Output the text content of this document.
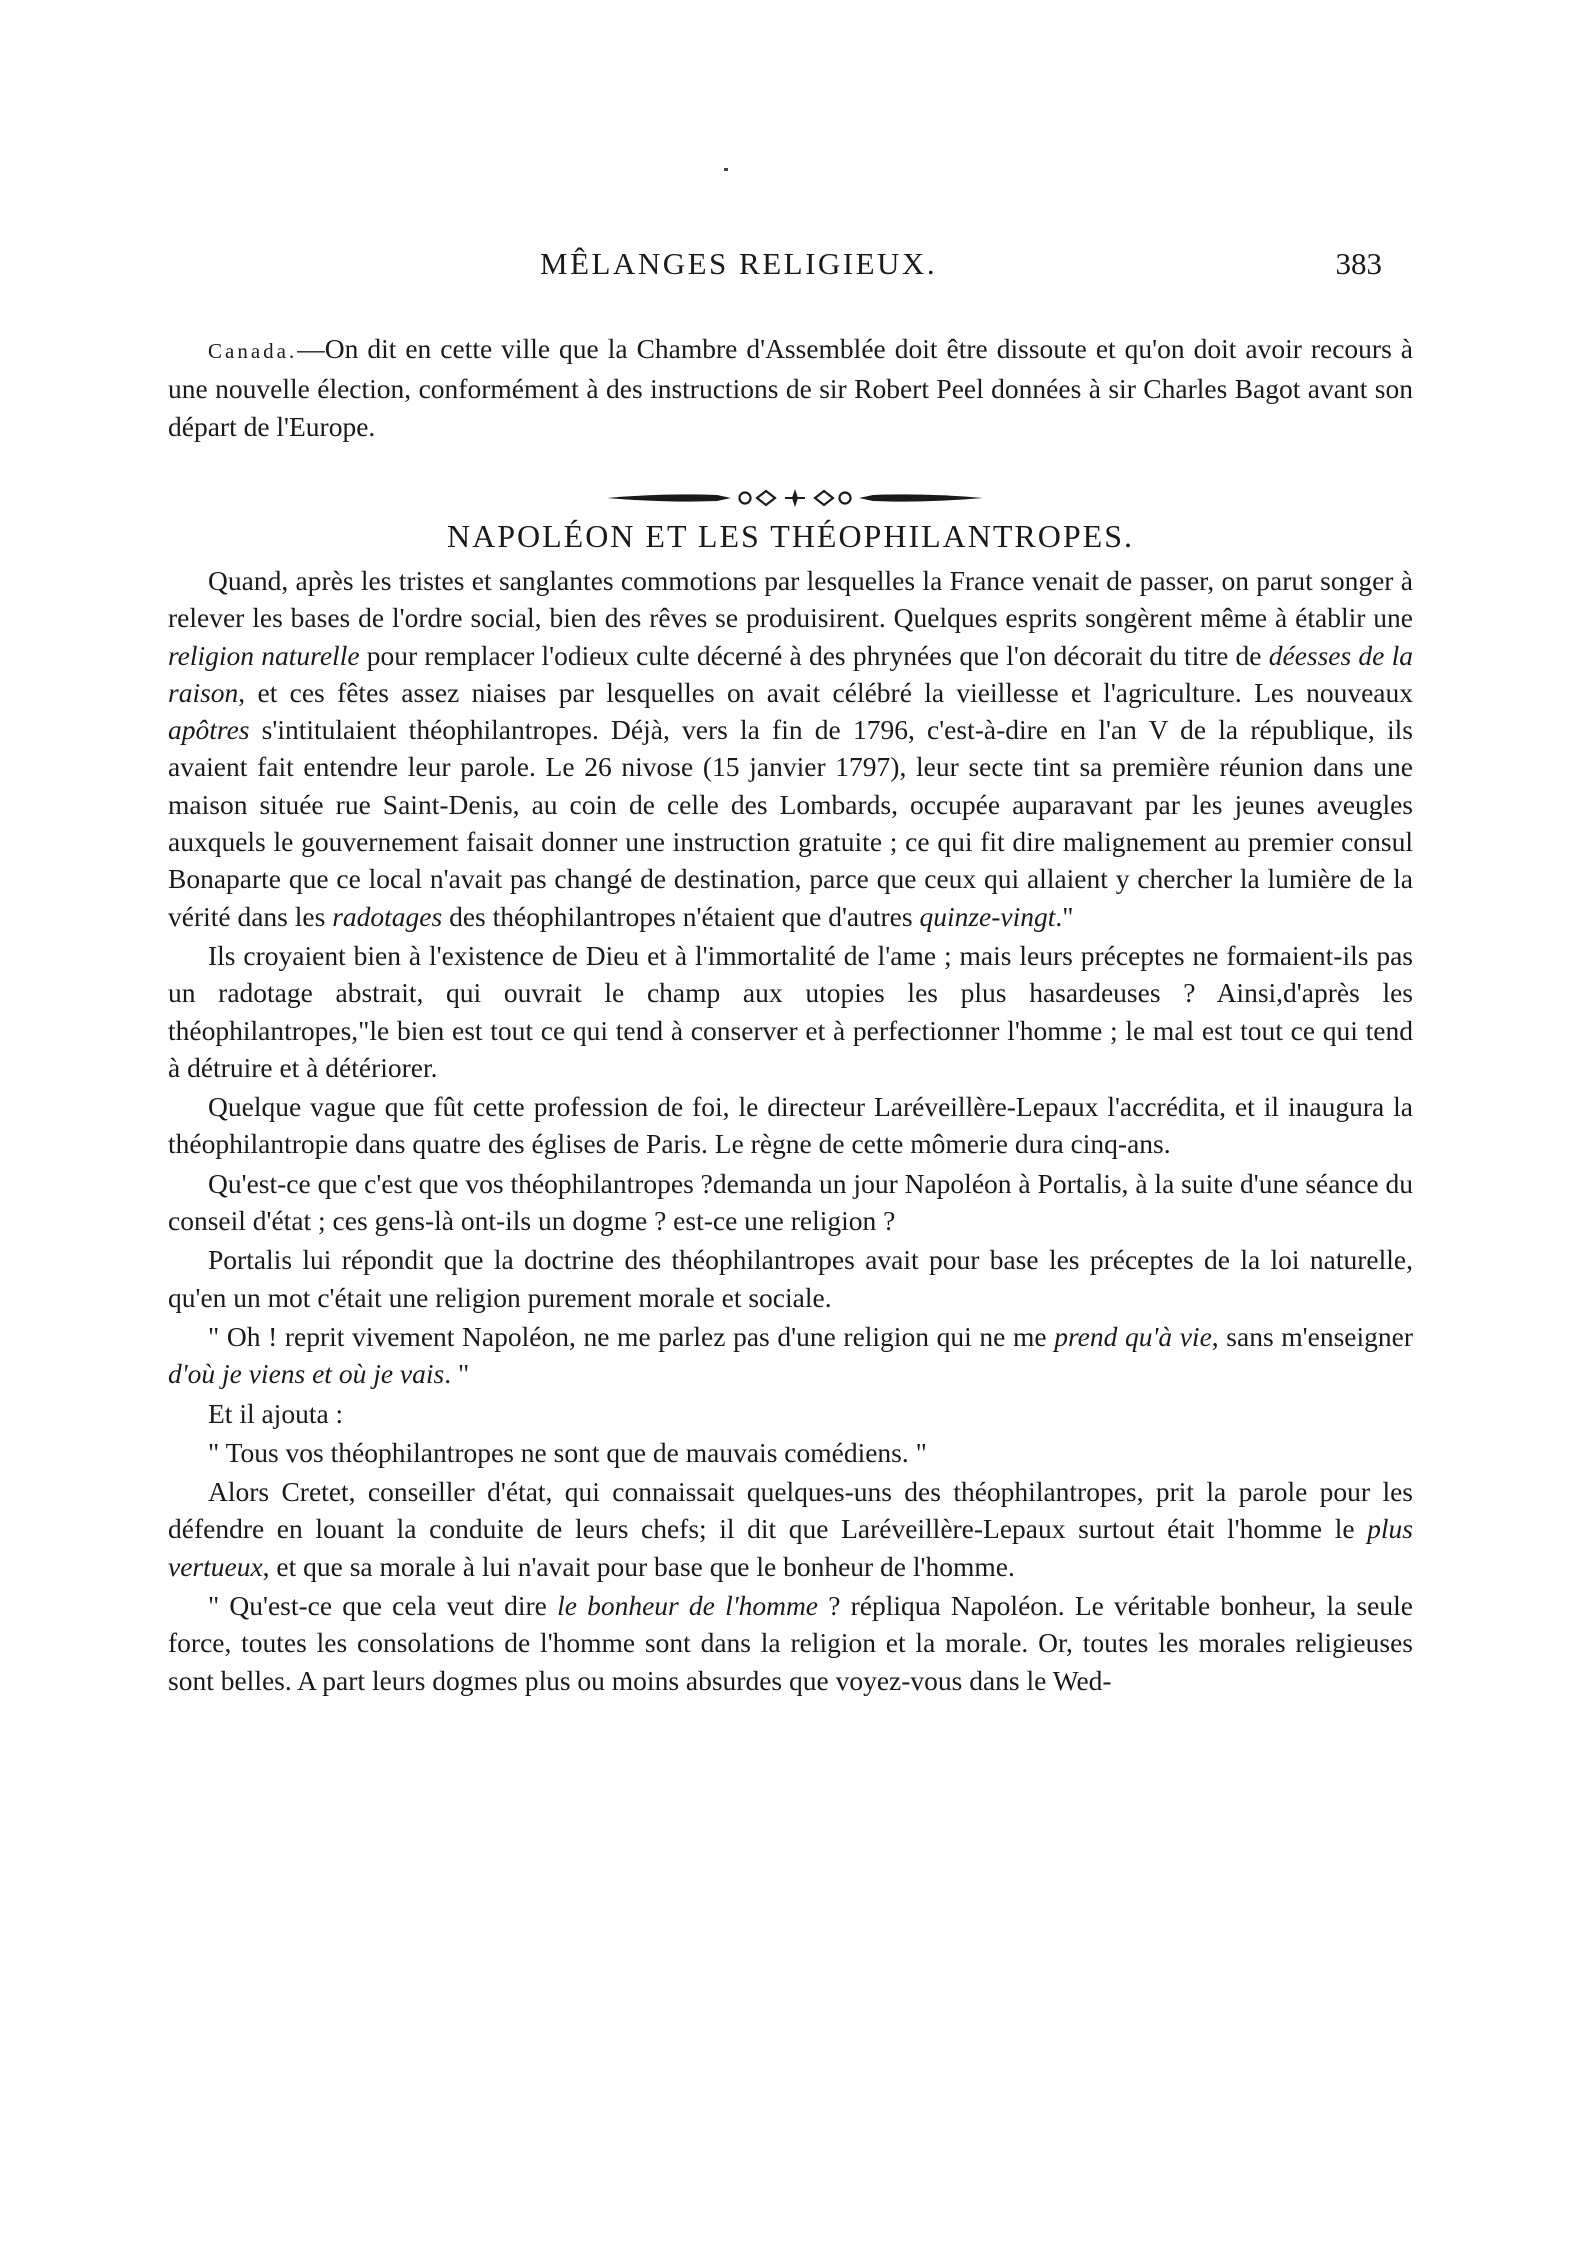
MÊLANGES RELIGIEUX.	383

Canada.—On dit en cette ville que la Chambre d'Assemblée doit être dissoute et qu'on doit avoir recours à une nouvelle élection, conformément à des instructions de sir Robert Peel données à sir Charles Bagot avant son départ de l'Europe.

NAPOLÉON ET LES THÉOPHILANTROPES.

Quand, après les tristes et sanglantes commotions par lesquelles la France venait de passer, on parut songer à relever les bases de l'ordre social, bien des rêves se produisirent. Quelques esprits songèrent même à établir une religion naturelle pour remplacer l'odieux culte décerné à des phrynées que l'on décorait du titre de déesses de la raison, et ces fêtes assez niaises par lesquelles on avait célébré la vieillesse et l'agriculture. Les nouveaux apôtres s'intitulaient théophilantropes. Déjà, vers la fin de 1796, c'est-à-dire en l'an V de la république, ils avaient fait entendre leur parole. Le 26 nivose (15 janvier 1797), leur secte tint sa première réunion dans une maison située rue Saint-Denis, au coin de celle des Lombards, occupée auparavant par les jeunes aveugles auxquels le gouvernement faisait donner une instruction gratuite ; ce qui fit dire malignement au premier consul Bonaparte que ce local n'avait pas changé de destination, parce que ceux qui allaient y chercher la lumière de la vérité dans les radotages des théophilantropes n'étaient que d'autres quinze-vingt."

Ils croyaient bien à l'existence de Dieu et à l'immortalité de l'ame ; mais leurs préceptes ne formaient-ils pas un radotage abstrait, qui ouvrait le champ aux utopies les plus hasardeuses ? Ainsi,d'après les théophilantropes,"le bien est tout ce qui tend à conserver et à perfectionner l'homme ; le mal est tout ce qui tend à détruire et à détériorer.

Quelque vague que fût cette profession de foi, le directeur Laréveillère-Lepaux l'accrédita, et il inaugura la théophilantropie dans quatre des églises de Paris. Le règne de cette mômerie dura cinq-ans.

Qu'est-ce que c'est que vos théophilantropes ?demanda un jour Napoléon à Portalis, à la suite d'une séance du conseil d'état ; ces gens-là ont-ils un dogme ? est-ce une religion ?

Portalis lui répondit que la doctrine des théophilantropes avait pour base les préceptes de la loi naturelle, qu'en un mot c'était une religion purement morale et sociale.

" Oh ! reprit vivement Napoléon, ne me parlez pas d'une religion qui ne me prend qu'à vie, sans m'enseigner d'où je viens et où je vais. "

Et il ajouta :

" Tous vos théophilantropes ne sont que de mauvais comédiens. "

Alors Cretet, conseiller d'état, qui connaissait quelques-uns des théophilantropes, prit la parole pour les défendre en louant la conduite de leurs chefs; il dit que Laréveillère-Lepaux surtout était l'homme le plus vertueux, et que sa morale à lui n'avait pour base que le bonheur de l'homme.

" Qu'est-ce que cela veut dire le bonheur de l'homme ? répliqua Napoléon. Le véritable bonheur, la seule force, toutes les consolations de l'homme sont dans la religion et la morale. Or, toutes les morales religieuses sont belles. A part leurs dogmes plus ou moins absurdes que voyez-vous dans le Wed-
